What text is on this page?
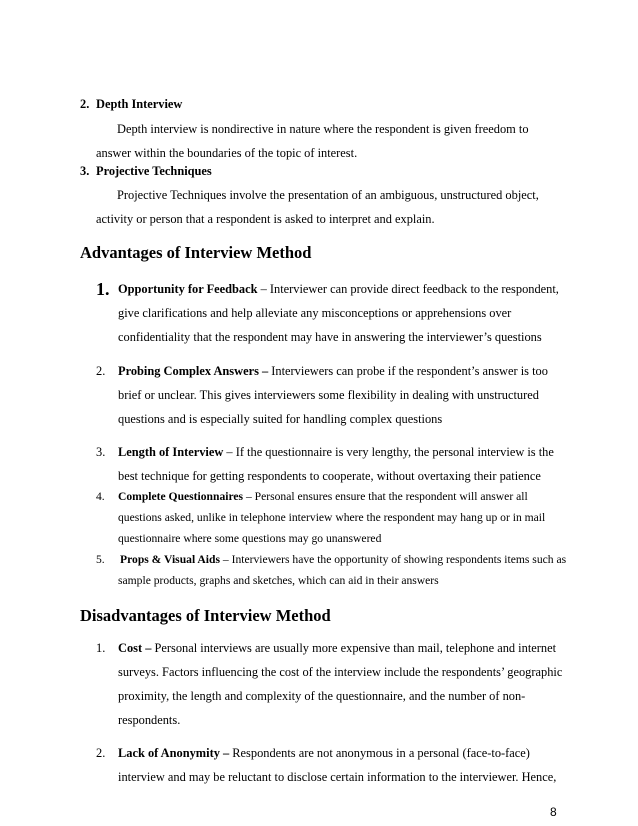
2. Depth Interview
Depth interview is nondirective in nature where the respondent is given freedom to
answer within the boundaries of the topic of interest.
3. Projective Techniques
Projective Techniques involve the presentation of an ambiguous, unstructured object,
activity or person that a respondent is asked to interpret and explain.
Advantages of Interview Method
1. Opportunity for Feedback – Interviewer can provide direct feedback to the respondent,
give clarifications and help alleviate any misconceptions or apprehensions over
confidentiality that the respondent may have in answering the interviewer’s questions
2. Probing Complex Answers – Interviewers can probe if the respondent’s answer is too
brief or unclear. This gives interviewers some flexibility in dealing with unstructured
questions and is especially suited for handling complex questions
3. Length of Interview – If the questionnaire is very lengthy, the personal interview is the
best technique for getting respondents to cooperate, without overtaxing their patience
4. Complete Questionnaires – Personal ensures ensure that the respondent will answer all
questions asked, unlike in telephone interview where the respondent may hang up or in mail
questionnaire where some questions may go unanswered
5. Props & Visual Aids – Interviewers have the opportunity of showing respondents items such as
sample products, graphs and sketches, which can aid in their answers
Disadvantages of Interview Method
1. Cost – Personal interviews are usually more expensive than mail, telephone and internet
surveys. Factors influencing the cost of the interview include the respondents’ geographic
proximity, the length and complexity of the questionnaire, and the number of non-
respondents.
2. Lack of Anonymity – Respondents are not anonymous in a personal (face-to-face)
interview and may be reluctant to disclose certain information to the interviewer. Hence,
8
